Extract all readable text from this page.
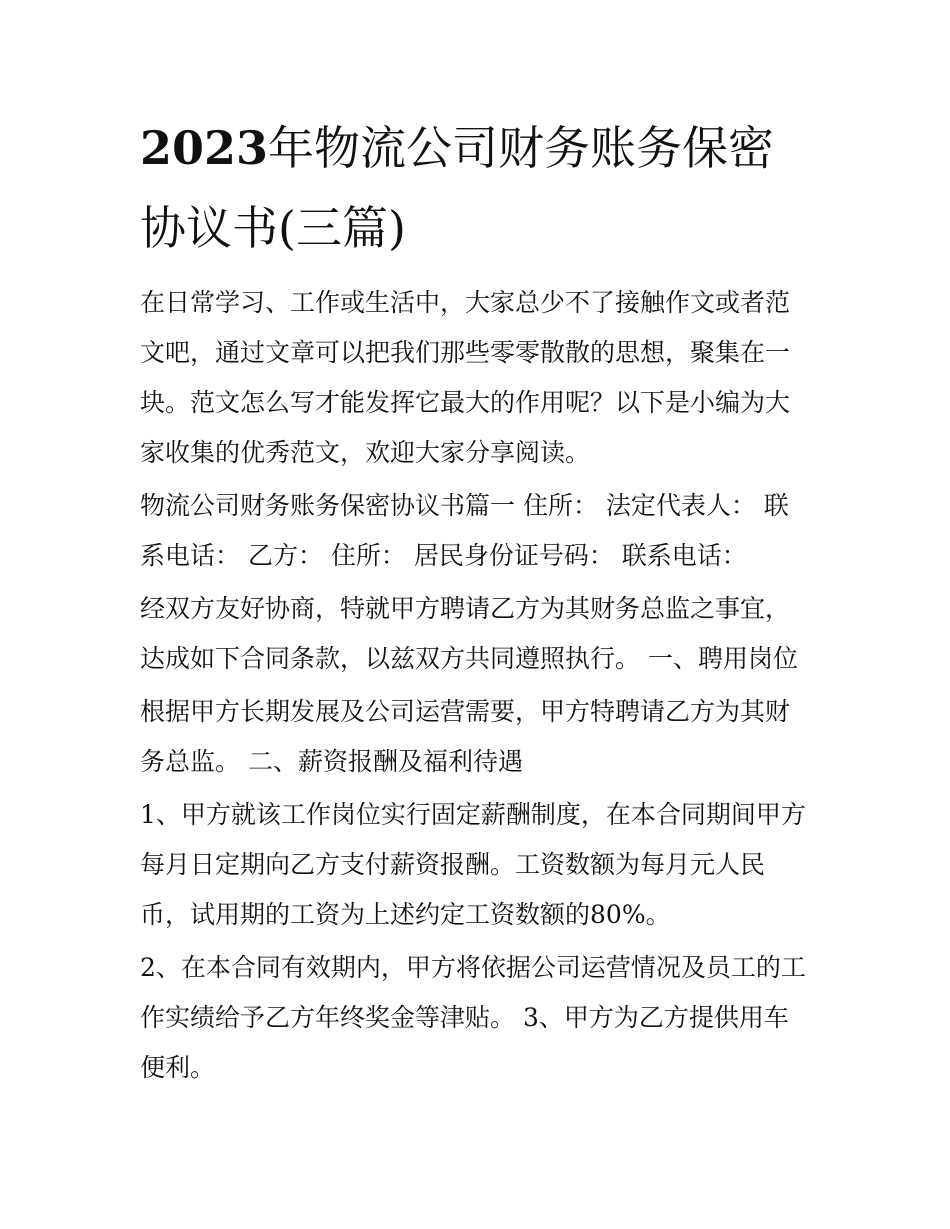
2023年物流公司财务账务保密协议书(三篇)

在日常学习、工作或生活中，大家总少不了接触作文或者范文吧，通过文章可以把我们那些零零散散的思想，聚集在一块。范文怎么写才能发挥它最大的作用呢？以下是小编为大家收集的优秀范文，欢迎大家分享阅读。

物流公司财务账务保密协议书篇一 住所： 法定代表人： 联系电话： 乙方： 住所： 居民身份证号码： 联系电话：

经双方友好协商，特就甲方聘请乙方为其财务总监之事宜，达成如下合同条款，以兹双方共同遵照执行。 一、聘用岗位

根据甲方长期发展及公司运营需要，甲方特聘请乙方为其财务总监。 二、薪资报酬及福利待遇

1、甲方就该工作岗位实行固定薪酬制度，在本合同期间甲方每月日定期向乙方支付薪资报酬。工资数额为每月元人民币，试用期的工资为上述约定工资数额的80%。

2、在本合同有效期内，甲方将依据公司运营情况及员工的工作实绩给予乙方年终奖金等津贴。 3、甲方为乙方提供用车便利。
